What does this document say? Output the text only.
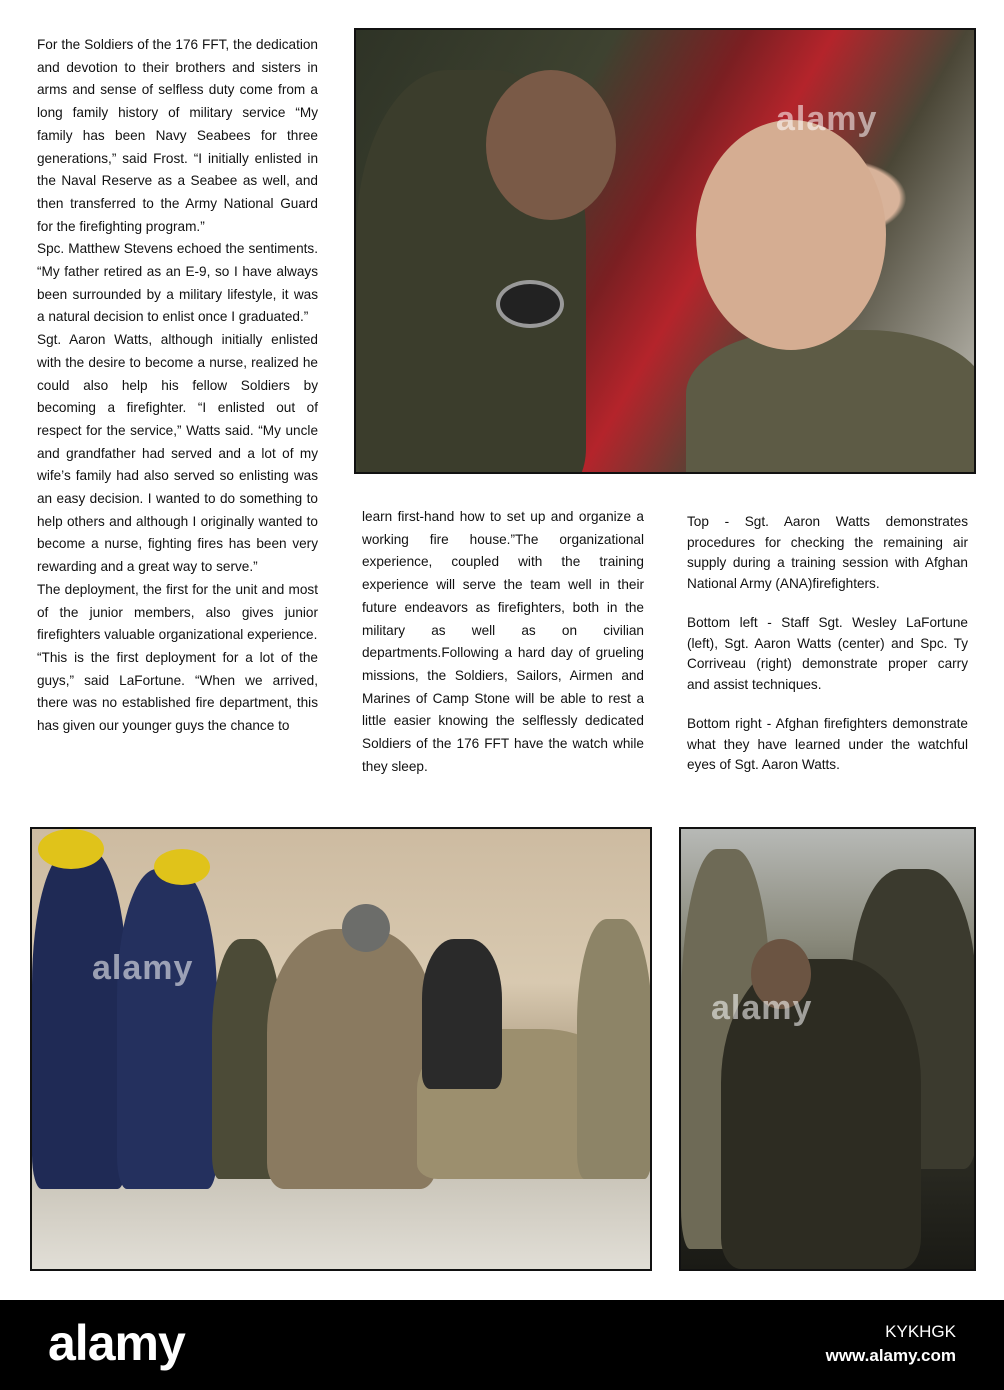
For the Soldiers of the 176 FFT, the dedication and devotion to their brothers and sisters in arms and sense of selfless duty come from a long family history of military service “My family has been Navy Seabees for three generations,” said Frost. “I initially enlisted in the Naval Reserve as a Seabee as well, and then transferred to the Army National Guard for the firefighting program.”

Spc. Matthew Stevens echoed the sentiments. “My father retired as an E-9, so I have always been surrounded by a military lifestyle, it was a natural decision to enlist once I graduated.”

Sgt. Aaron Watts, although initially enlisted with the desire to become a nurse, realized he could also help his fellow Soldiers by becoming a firefighter. “I enlisted out of respect for the service,” Watts said. “My uncle and grandfather had served and a lot of my wife’s family had also served so enlisting was an easy decision. I wanted to do something to help others and although I originally wanted to become a nurse, fighting fires has been very rewarding and a great way to serve.”

The deployment, the first for the unit and most of the junior members, also gives junior firefighters valuable organizational experience.

“This is the first deployment for a lot of the guys,” said LaFortune. “When we arrived, there was no established fire department, this has given our younger guys the chance to

alamy

learn first-hand how to set up and organize a working fire house.”The organizational experience, coupled with the training experience will serve the team well in their future endeavors as firefighters, both in the military as well as on civilian departments.Following a hard day of grueling missions, the Soldiers, Sailors, Airmen and Marines of Camp Stone will be able to rest a little easier knowing the selflessly dedicated Soldiers of the 176 FFT have the watch while they sleep.

Top - Sgt. Aaron Watts demonstrates procedures for checking the remaining air supply during a training session with Afghan National Army (ANA)firefighters.

Bottom left - Staff Sgt. Wesley LaFortune (left), Sgt. Aaron Watts (center) and Spc. Ty Corriveau (right) demonstrate proper carry and assist techniques.

Bottom right - Afghan firefighters demonstrate what they have learned under the watchful eyes of Sgt. Aaron Watts.

alamy
alamy
alamy	KYKHGK
www.alamy.com
